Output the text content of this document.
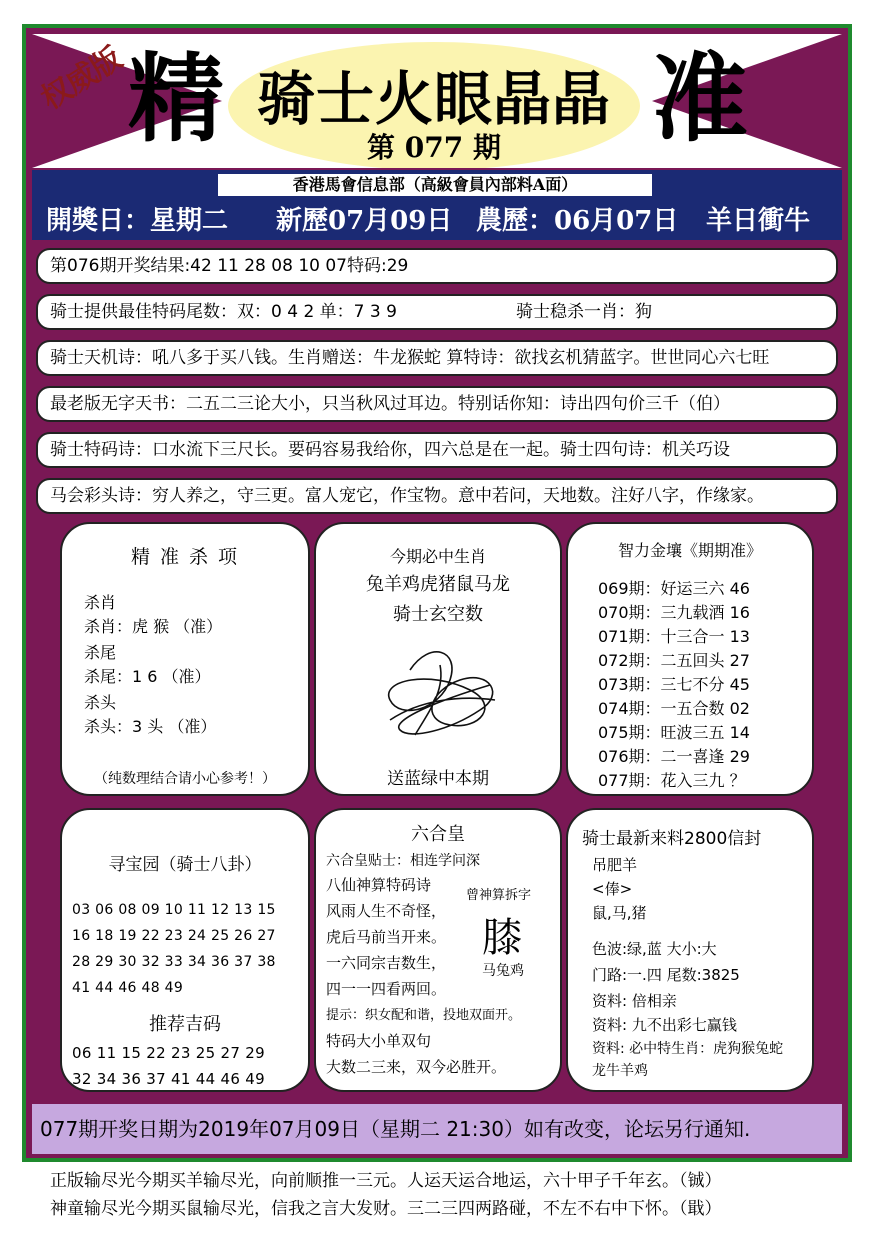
权威版 精 骑士火眼晶晶
第 077 期	准
香港馬會信息部（高級會員內部料A面）
開獎日：星期二 新歷07月09日 農歷：06月07日 羊日衝牛
第076期开奖结果:42 11 28 08 10 07特码:29
骑士提供最佳特码尾数：双：0 4 2 单：7 3 9	骑士稳杀一肖：狗
骑士天机诗：吼八多于买八钱。生肖赠送：牛龙猴蛇 算特诗：欲找玄机猜蓝字。世世同心六七旺
最老版无字天书：二五二三论大小，只当秋风过耳边。特别话你知：诗出四句价三千（伯）
骑士特码诗：口水流下三尺长。要码容易我给你，四六总是在一起。骑士四句诗：机关巧设
马会彩头诗：穷人养之，守三更。富人宠它，作宝物。意中若问，天地数。注好八字，作缘家。
精 准 杀 项
杀肖
杀肖：虎 猴 （准）
杀尾
杀尾：1 6 （准）
杀头
杀头：3 头 （准）
（纯数理结合请小心参考！）
今期必中生肖
兔羊鸡虎猪鼠马龙
骑士玄空数
送蓝绿中本期
智力金壤《期期准》
069期：好运三六 46
070期：三九载酒 16
071期：十三合一 13
072期：二五回头 27
073期：三七不分 45
074期：一五合数 02
075期：旺波三五 14
076期：二一喜逢 29
077期：花入三九 ？
寻宝园（骑士八卦）
03 06 08 09 10 11 12 13 15
16 18 19 22 23 24 25 26 27
28 29 30 32 33 34 36 37 38
41 44 46 48 49
推荐吉码
06 11 15 22 23 25 27 29
32 34 36 37 41 44 46 49
六合皇
六合皇贴士：相连学问深
八仙神算特码诗
风雨人生不奇怪，
虎后马前当开来。
一六同宗吉数生，
四一一四看两回。
提示：织女配和谐，投地双面开。
特码大小单双句
大数二三来，双今必胜开。
曾神算拆字
膝
马兔鸡
骑士最新来料2800信封
吊肥羊
<俸>
鼠,马,猪
色波:绿,蓝 大小:大
门路:一.四 尾数:3825
资料: 倍相亲
资料: 九不出彩七赢钱
资料: 必中特生肖：虎狗猴兔蛇
龙牛羊鸡
077期开奖日期为2019年07月09日（星期二 21:30）如有改变，论坛另行通知.
正版输尽光今期买羊输尽光，向前顺推一三元。人运天运合地运，六十甲子千年玄。（铖）
神童输尽光今期买鼠输尽光，信我之言大发财。三二三四两路碰，不左不右中下怀。（戢）
